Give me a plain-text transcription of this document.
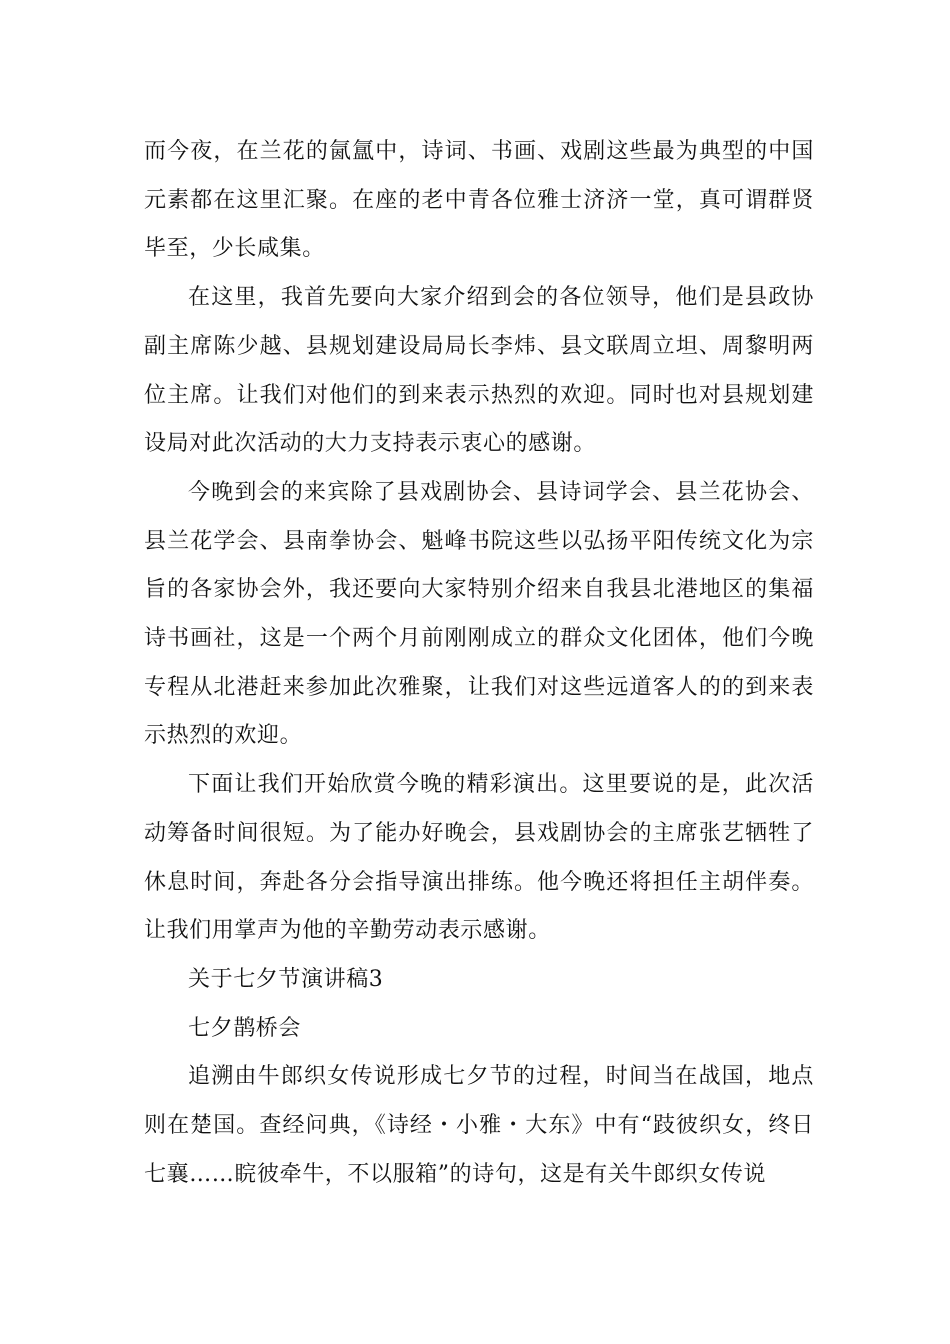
而今夜，在兰花的氤氲中，诗词、书画、戏剧这些最为典型的中国元素都在这里汇聚。在座的老中青各位雅士济济一堂，真可谓群贤毕至，少长咸集。

在这里，我首先要向大家介绍到会的各位领导，他们是县政协副主席陈少越、县规划建设局局长李炜、县文联周立坦、周黎明两位主席。让我们对他们的到来表示热烈的欢迎。同时也对县规划建设局对此次活动的大力支持表示衷心的感谢。

今晚到会的来宾除了县戏剧协会、县诗词学会、县兰花协会、县兰花学会、县南拳协会、魁峰书院这些以弘扬平阳传统文化为宗旨的各家协会外，我还要向大家特别介绍来自我县北港地区的集福诗书画社，这是一个两个月前刚刚成立的群众文化团体，他们今晚专程从北港赶来参加此次雅聚，让我们对这些远道客人的的到来表示热烈的欢迎。

下面让我们开始欣赏今晚的精彩演出。这里要说的是，此次活动筹备时间很短。为了能办好晚会，县戏剧协会的主席张艺牺牲了休息时间，奔赴各分会指导演出排练。他今晚还将担任主胡伴奏。让我们用掌声为他的辛勤劳动表示感谢。

关于七夕节演讲稿3

七夕鹊桥会

追溯由牛郎织女传说形成七夕节的过程，时间当在战国，地点则在楚国。查经问典，《诗经・小雅・大东》中有“跂彼织女，终日七襄……睆彼牵牛，不以服箱”的诗句，这是有关牛郎织女传说
